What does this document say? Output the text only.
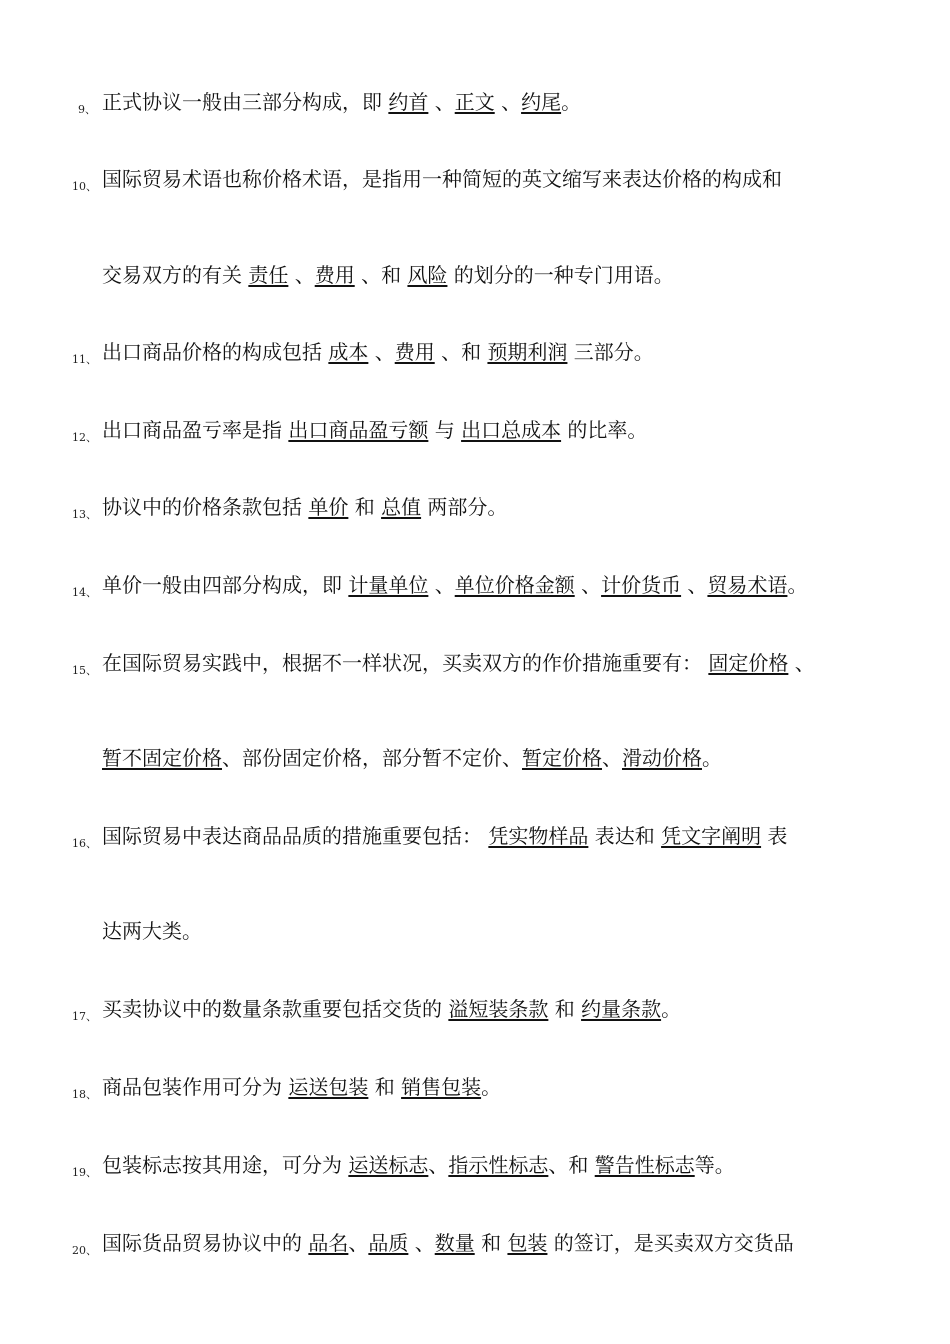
9、 正式协议一般由三部分构成，即 约首 、正文 、约尾。
10、 国际贸易术语也称价格术语，是指用一种简短的英文缩写来表达价格的构成和
交易双方的有关 责任 、费用 、和 风险 的划分的一种专门用语。
11、 出口商品价格的构成包括 成本 、费用 、和 预期利润 三部分。
12、 出口商品盈亏率是指 出口商品盈亏额 与 出口总成本 的比率。
13、 协议中的价格条款包括 单价 和 总值 两部分。
14、 单价一般由四部分构成，即 计量单位 、单位价格金额 、计价货币 、贸易术语。
15、 在国际贸易实践中，根据不一样状况，买卖双方的作价措施重要有： 固定价格 、
暂不固定价格、部份固定价格，部分暂不定价、暂定价格、滑动价格。
16、 国际贸易中表达商品品质的措施重要包括： 凭实物样品 表达和 凭文字阐明 表
达两大类。
17、 买卖协议中的数量条款重要包括交货的 溢短装条款 和 约量条款。
18、 商品包装作用可分为 运送包装 和 销售包装。
19、 包装标志按其用途，可分为 运送标志、指示性标志、和 警告性标志等。
20、 国际货品贸易协议中的 品名、品质 、数量 和 包装 的签订，是买卖双方交货品
